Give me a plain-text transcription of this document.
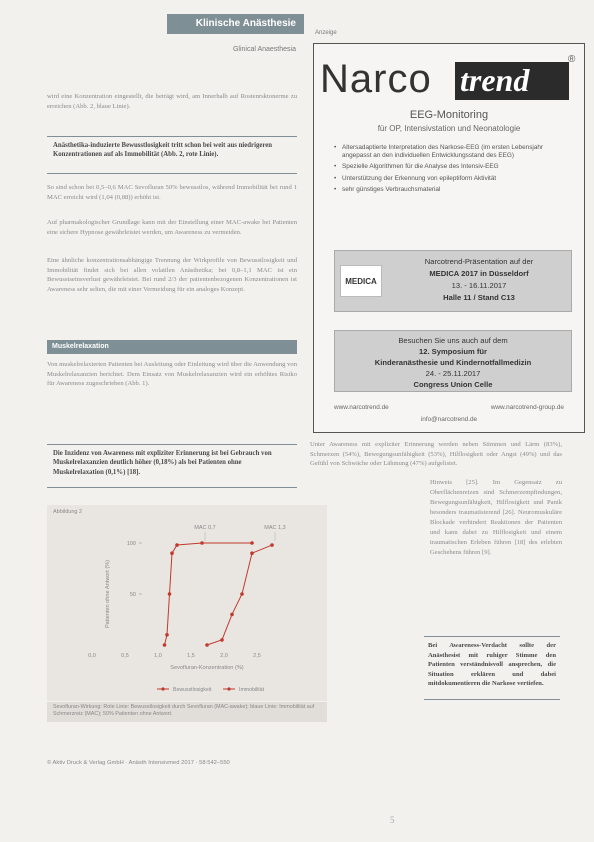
Klinische Anästhesie
Glinical Anaesthesia
Anzeige

wird eine Konzentration eingestellt, die beträgt wird, am Innerhalb auf Rostenrsktonerme zu erreichen (Abb. 2, blaue Linie).

Anästhetika-induzierte Bewusstlosigkeit tritt schon bei weit aus niedrigeren Konzentrationen auf als Immobilität (Abb. 2, rote Linie).

So sind schon bei 0,5–0,6 MAC Sevofluran 50% bewusstlos, während Immobilität bei rund 1 MAC erreicht wird (1,04 (0,88)) erhöht ist.

Auf pharmakologischer Grundlage kann mit der Einstellung einer MAC-awake bei Patienten eine sichere Hypnose gewährleistet werden, um Awareness zu vermeiden.

Eine ähnliche konzentrationsabhängige Trennung der Wirkprofile von Bewusstlosigkeit und Immobilität findet sich bei allen volatilen Anästhetika; bei 0,8–1,1 MAC ist ein Bewusstseinsverlust gewährleistet. Bei rund 2/3 der patientenbezogenen Konzentrationen ist Awareness sehr selten, die mit einer Vermeidung für ein analoges Konzept.

Muskelrelaxation

Von muskelrelaxierten Patienten bei Ausleitung oder Einleitung wird über die Anwendung von Muskelrelaxanzien berichtet. Dem Einsatz von Muskelrelaxanzien wird ein erhöhtes Risiko für Awareness zugeschrieben (Abb. 1).

Die Inzidenz von Awareness mit expliziter Erinnerung ist bei Gebrauch von Muskelrelaxanzien deutlich höher (0,18%) als bei Patienten ohne Muskelrelaxation (0,1%) [18].
Abbildung 2
50
100
0,0	0,5	1,0	1,5	2,0	2,5
Sevofluran-Konzentration (%)
Patienten ohne Antwort (%)
MAC 0,7	MAC 1,3
Bewusstlosigkeit	Immobilität
Sevofluran-Wirkung: Rote Linie: Bewusstlosigkeit durch Sevofluran (MAC-awake); blaue Linie: Immobilität auf Schmerzreiz (MAC); 50% Patienten ohne Antwort.
Narco trend
®
EEG-Monitoring
für OP, Intensivstation und Neonatologie
• Altersadaptierte Interpretation des Narkose-EEG (im ersten Lebensjahr angepasst an den individuellen Entwicklungsstand des EEG)
• Spezielle Algorithmen für die Analyse des Intensiv-EEG
• Unterstützung der Erkennung von epileptiform Aktivität
• sehr günstiges Verbrauchsmaterial
MEDICA
Narcotrend-Präsentation auf der
MEDICA 2017 in Düsseldorf
13. - 16.11.2017
Halle 11 / Stand C13
Besuchen Sie uns auch auf dem
12. Symposium für
Kinderanästhesie und Kindernotfallmedizin
24. - 25.11.2017
Congress Union Celle
www.narcotrend.de	www.narcotrend-group.de
info@narcotrend.de

Unter Awareness mit expliziter Erinnerung werden neben Stimmen und Lärm (83%), Schmerzen (54%), Bewegungsunfähigkeit (53%), Hilflosigkeit oder Angst (49%) und das Gefühl von Schwäche oder Lähmung (47%) aufgelistet.

Hinweis [25]. Im Gegensatz zu Oberflächenreizen sind Schmerzempfindungen, Bewegungsunfähigkeit, Hilflosigkeit und Panik besonders traumatisierend [26]. Neuromuskuläre Blockade verhindert Reaktionen der Patienten und kann dabei zu Hilflosigkeit und einem traumatischen Erleben führen [18] des erlebten Geschehens führen [9].

Bei Awareness-Verdacht sollte der Anästhesist mit ruhiger Stimme den Patienten verständnisvoll ansprechen, die Situation erklären und dabei mitdokumentieren die Narkose vertiefen.
© Aktiv Druck & Verlag GmbH · Anästh Intensivmed 2017 · 58:542–550
5
